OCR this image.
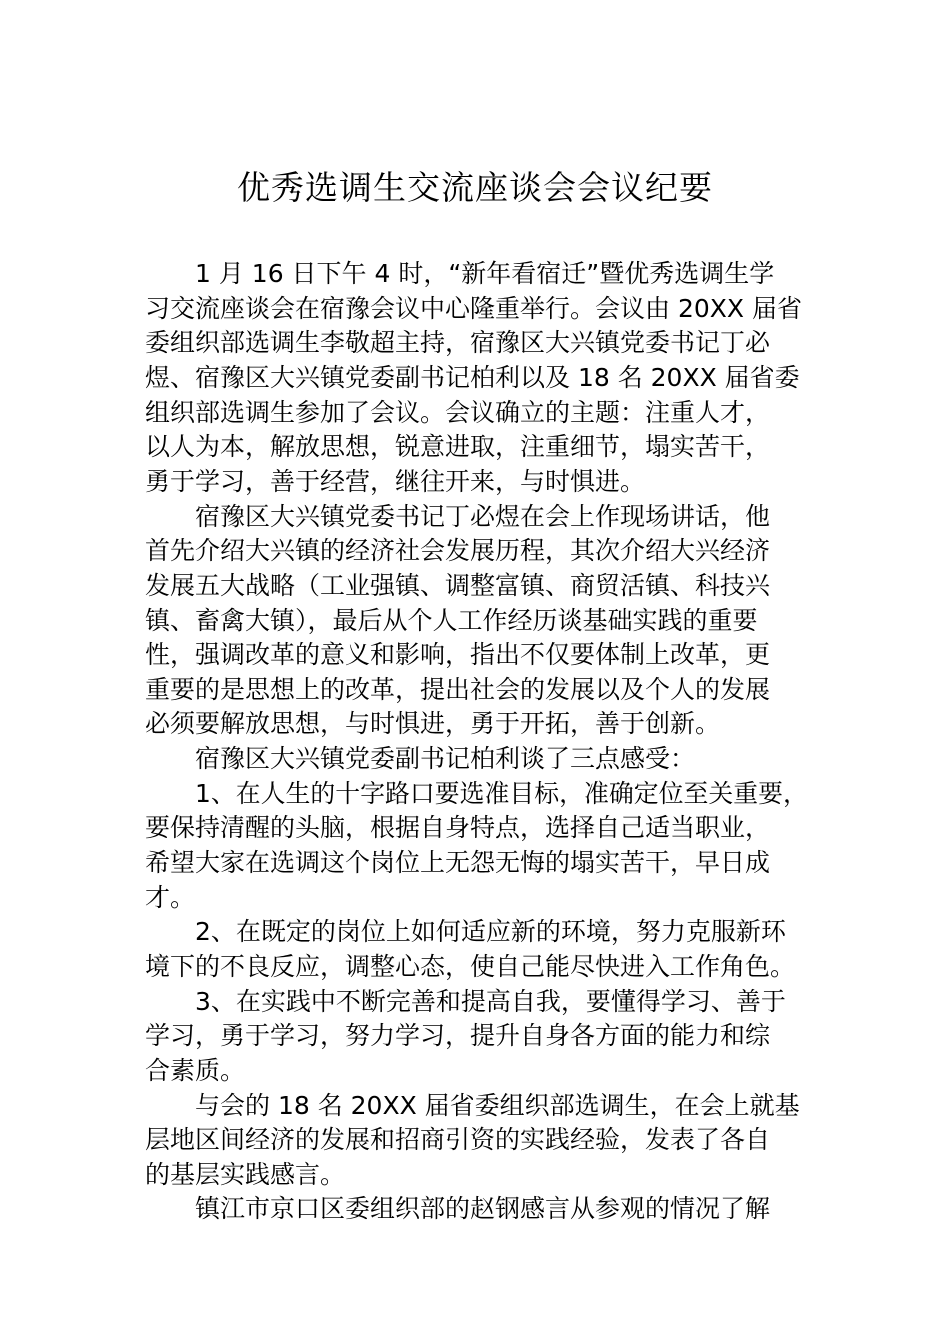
优秀选调生交流座谈会会议纪要
1 月 16 日下午 4 时，“新年看宿迁”暨优秀选调生学
习交流座谈会在宿豫会议中心隆重举行。会议由 20XX 届省
委组织部选调生李敬超主持，宿豫区大兴镇党委书记丁必
煜、宿豫区大兴镇党委副书记柏利以及 18 名 20XX 届省委
组织部选调生参加了会议。会议确立的主题：注重人才，
以人为本，解放思想，锐意进取，注重细节，塌实苦干，
勇于学习，善于经营，继往开来，与时惧进。
宿豫区大兴镇党委书记丁必煜在会上作现场讲话，他
首先介绍大兴镇的经济社会发展历程，其次介绍大兴经济
发展五大战略（工业强镇、调整富镇、商贸活镇、科技兴
镇、畜禽大镇），最后从个人工作经历谈基础实践的重要
性，强调改革的意义和影响，指出不仅要体制上改革，更
重要的是思想上的改革，提出社会的发展以及个人的发展
必须要解放思想，与时惧进，勇于开拓，善于创新。
宿豫区大兴镇党委副书记柏利谈了三点感受：
1、在人生的十字路口要选准目标，准确定位至关重要，
要保持清醒的头脑，根据自身特点，选择自己适当职业，
希望大家在选调这个岗位上无怨无悔的塌实苦干，早日成
才。
2、在既定的岗位上如何适应新的环境，努力克服新环
境下的不良反应，调整心态，使自己能尽快进入工作角色。
3、在实践中不断完善和提高自我，要懂得学习、善于
学习，勇于学习，努力学习，提升自身各方面的能力和综
合素质。
与会的 18 名 20XX 届省委组织部选调生，在会上就基
层地区间经济的发展和招商引资的实践经验，发表了各自
的基层实践感言。
镇江市京口区委组织部的赵钢感言从参观的情况了解
